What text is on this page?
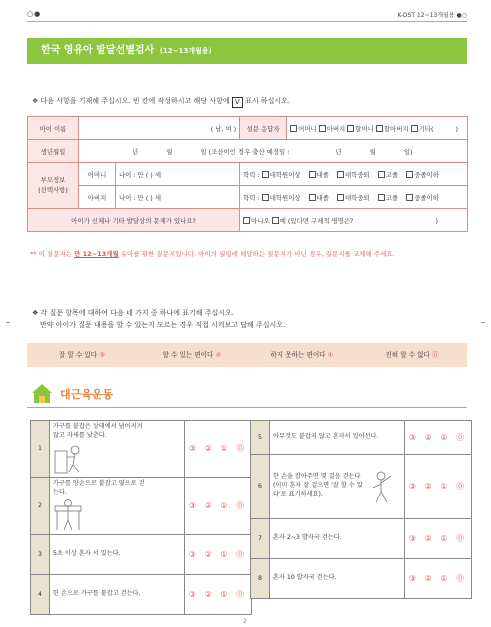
○●	K-DST 12~13개월용 ●○
한국 영유아 발달선별검사 (12~13개월용)
❖ 다음 사항을 기재해 주십시오. 빈 칸에 작성하시고 해당 사항에 V 표시 하십시오.
아이 이름	( 남, 여 )		설문 응답자	어머니 아버지 할머니 할아버지 기타( )
생년월일	년 월 일 (조산이인 경우 출산 예정일 : 년 월 일)			
부모정보
(선택사항)	어머니	나이 : 만 ( ) 세	학력 : 대학원이상 대졸 대학중퇴 고졸 중졸이하	
	아버지	나이 : 만 ( ) 세	학력 : 대학원이상 대졸 대학중퇴 고졸 중졸이하	
아이가 신체나 기타 발달상의 문제가 있나요?			아니오 예 (있다면 구체적 병명은? )	
** 이 질문지는 만 12~13개월 유아를 위한 질문지입니다. 아이의 월령에 해당하는 질문지가 아닌 경우, 질문지를 교체해 주세요.
❖ 각 질문 항목에 대하여 다음 네 가지 중 하나에 표기해 주십시오.
만약 아이가 질문 내용을 할 수 있는지 모르는 경우 직접 시켜보고 답해 주십시오.
잘 할 수 있다 ③	할 수 있는 편이다 ②	하지 못하는 편이다 ①	전혀 할 수 없다 ⓪
대근육운동
1	가구를 붙잡은 상태에서 넘어지지 않고 자세를 낮춘다.	③ ② ① ⓪
2	가구를 양손으로 붙잡고 옆으로 걷는다.	③ ② ① ⓪
3	5초 이상 혼자 서 있는다.	③ ② ① ⓪
4	한 손으로 가구를 붙잡고 걷는다.	③ ② ① ⓪
5	아무것도 붙잡지 않고 혼자서 일어선다.	③ ② ① ⓪
6	한 손을 잡아주면 몇 걸음 걷는다(이미 혼자 잘 걸으면 '잘 할 수 있다'로 표기하세요).	③ ② ① ⓪
7	혼자 2~3 발자국 걷는다.	③ ② ① ⓪
8	혼자 10 발자국 걷는다.	③ ② ① ⓪
2
